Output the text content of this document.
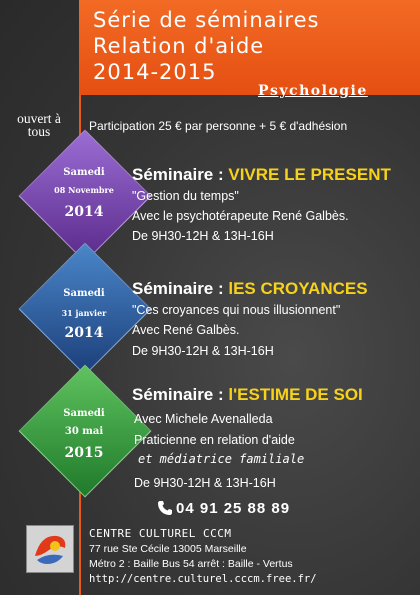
Série de séminaires
Relation d'aide
2014-2015
Psychologie
ouvert à tous	Participation 25 € par personne + 5 € d'adhésion
Samedi
08 Novembre
2014
Séminaire : VIVRE LE PRESENT
"Gestion du temps"
Avec le psychotérapeute René Galbès.
De 9H30-12H & 13H-16H
Samedi
31 janvier
2014
Séminaire : lES CROYANCES
"Ces croyances qui nous illusionnent"
Avec René Galbès.
De 9H30-12H & 13H-16H
Samedi
30 mai
2015
Séminaire : l'ESTIME DE SOI
Avec Michele Avenalleda
Praticienne en relation d'aide
et médiatrice familiale
De 9H30-12H & 13H-16H
04 91 25 88 89
CENTRE CULTUREL CCCM
77 rue Ste Cécile 13005 Marseille
Métro 2 : Baille Bus 54 arrêt : Baille - Vertus
http://centre.culturel.cccm.free.fr/
